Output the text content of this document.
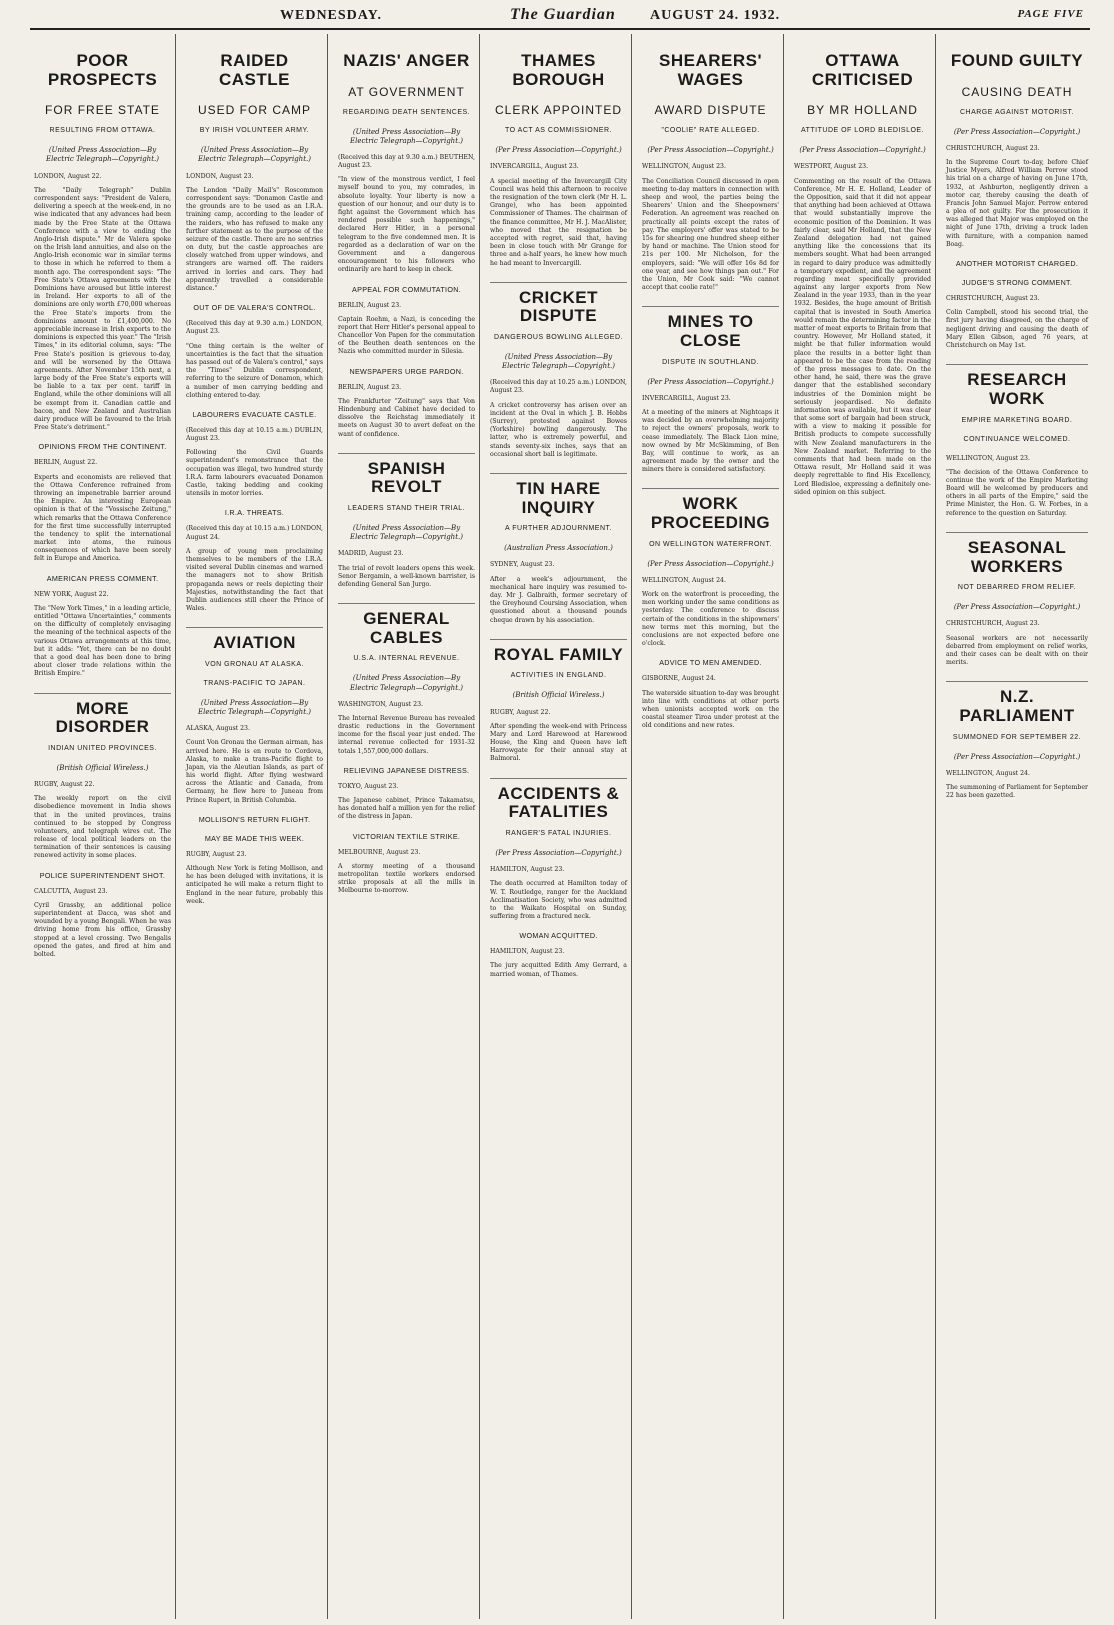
WEDNESDAY.	The Guardian AUGUST 24. 1932.	PAGE FIVE
POOR PROSPECTS
FOR FREE STATE
RESULTING FROM OTTAWA.
(United Press Association—By Electric Telegraph—Copyright.)

LONDON, August 22.

The "Daily Telegraph" Dublin correspondent says: "President de Valera, delivering a speech at the week-end, in no wise indicated that any advances had been made by the Free State at the Ottawa Conference with a view to ending the Anglo-Irish dispute." Mr de Valera spoke on the Irish land annuities, and also on the Anglo-Irish economic war in similar terms to those in which he referred to them a month ago. The correspondent says: "The Free State's Ottawa agreements with the Dominions have aroused but little interest in Ireland. Her exports to all of the dominions are only worth £70,000 whereas the Free State's imports from the dominions amount to £1,400,000. No appreciable increase in Irish exports to the dominions is expected this year." The "Irish Times," in its editorial column, says: "The Free State's position is grievous to-day, and will be worsened by the Ottawa agreements. After November 15th next, a large body of the Free State's exports will be liable to a tax per cent. tariff in England, while the other dominions will all be exempt from it. Canadian cattle and bacon, and New Zealand and Australian dairy produce will be favoured to the Irish Free State's detriment."

OPINIONS FROM THE CONTINENT.

BERLIN, August 22.

Experts and economists are relieved that the Ottawa Conference refrained from throwing an impenetrable barrier around the Empire. An interesting European opinion is that of the "Vossische Zeitung," which remarks that the Ottawa Conference for the first time successfully interrupted the tendency to split the international market into atoms, the ruinous consequences of which have been sorely felt in Europe and America.

AMERICAN PRESS COMMENT.

NEW YORK, August 22.

The "New York Times," in a leading article, entitled "Ottawa Uncertainties," comments on the difficulty of completely envisaging the meaning of the technical aspects of the various Ottawa arrangements at this time, but it adds: "Yet, there can be no doubt that a good deal has been done to bring about closer trade relations within the British Empire."

MORE DISORDER
INDIAN UNITED PROVINCES.
(British Official Wireless.)

RUGBY, August 22.

The weekly report on the civil disobedience movement in India shows that in the united provinces, trains continued to be stopped by Congress volunteers, and telegraph wires cut. The release of local political leaders on the termination of their sentences is causing renewed activity in some places.

POLICE SUPERINTENDENT SHOT.

CALCUTTA, August 23.

Cyril Grassby, an additional police superintendent at Dacca, was shot and wounded by a young Bengali. When he was driving home from his office, Grassby stopped at a level crossing. Two Bengalis opened the gates, and fired at him and bolted.

RAIDED CASTLE
USED FOR CAMP
BY IRISH VOLUNTEER ARMY.
(United Press Association—By Electric Telegraph—Copyright.)

LONDON, August 23.

The London "Daily Mail's" Roscommon correspondent says: "Donamon Castle and the grounds are to be used as an I.R.A. training camp, according to the leader of the raiders, who has refused to make any further statement as to the purpose of the seizure of the castle. There are no sentries on duty, but the castle approaches are closely watched from upper windows, and strangers are warned off. The raiders arrived in lorries and cars. They had apparently travelled a considerable distance."

OUT OF DE VALERA'S CONTROL.

(Received this day at 9.30 a.m.) LONDON, August 23.

"One thing certain is the welter of uncertainties is the fact that the situation has passed out of de Valera's control," says the "Times" Dublin correspondent, referring to the seizure of Donamon, which a number of men carrying bedding and clothing entered to-day.

LABOURERS EVACUATE CASTLE.

(Received this day at 10.15 a.m.) DUBLIN, August 23.

Following the Civil Guards superintendent's remonstrance that the occupation was illegal, two hundred sturdy I.R.A. farm labourers evacuated Donamon Castle, taking bedding and cooking utensils in motor lorries.

I.R.A. THREATS.

(Received this day at 10.15 a.m.) LONDON, August 24.

A group of young men proclaiming themselves to be members of the I.R.A. visited several Dublin cinemas and warned the managers not to show British propaganda news or reels depicting their Majesties, notwithstanding the fact that Dublin audiences still cheer the Prince of Wales.

AVIATION
VON GRONAU AT ALASKA.
TRANS-PACIFIC TO JAPAN.
(United Press Association—By Electric Telegraph—Copyright.)

ALASKA, August 23.

Count Von Gronau the German airman, has arrived here. He is en route to Cordova, Alaska, to make a trans-Pacific flight to Japan, via the Aleutian Islands, as part of his world flight. After flying westward across the Atlantic and Canada, from Germany, he flew here to Juneau from Prince Rupert, in British Columbia.

MOLLISON'S RETURN FLIGHT.
MAY BE MADE THIS WEEK.

RUGBY, August 23.

Although New York is feting Mollison, and he has been deluged with invitations, it is anticipated he will make a return flight to England in the near future, probably this week.

NAZIS' ANGER
AT GOVERNMENT
REGARDING DEATH SENTENCES.
(United Press Association—By Electric Telegraph—Copyright.)

(Received this day at 9.30 a.m.) BEUTHEN, August 23.

"In view of the monstrous verdict, I feel myself bound to you, my comrades, in absolute loyalty. Your liberty is now a question of our honour, and our duty is to fight against the Government which has rendered possible such happenings," declared Herr Hitler, in a personal telegram to the five condemned men. It is regarded as a declaration of war on the Government and a dangerous encouragement to his followers who ordinarily are hard to keep in check.

APPEAL FOR COMMUTATION.

BERLIN, August 23.

Captain Roehm, a Nazi, is conceding the report that Herr Hitler's personal appeal to Chancellor Von Papen for the commutation of the Beuthen death sentences on the Nazis who committed murder in Silesia.

NEWSPAPERS URGE PARDON.

BERLIN, August 23.

The Frankfurter "Zeitung" says that Von Hindenburg and Cabinet have decided to dissolve the Reichstag immediately it meets on August 30 to avert defeat on the want of confidence.

SPANISH REVOLT
LEADERS STAND THEIR TRIAL.
(United Press Association—By Electric Telegraph—Copyright.)

MADRID, August 23.

The trial of revolt leaders opens this week. Senor Bergamin, a well-known barrister, is defending General San Jurgo.

GENERAL CABLES
U.S.A. INTERNAL REVENUE.
(United Press Association—By Electric Telegraph—Copyright.)

WASHINGTON, August 23.

The Internal Revenue Bureau has revealed drastic reductions in the Government income for the fiscal year just ended. The internal revenue collected for 1931-32 totals 1,557,000,000 dollars.

RELIEVING JAPANESE DISTRESS.

TOKYO, August 23.

The Japanese cabinet, Prince Takamatsu, has donated half a million yen for the relief of the distress in Japan.

VICTORIAN TEXTILE STRIKE.

MELBOURNE, August 23.

A stormy meeting of a thousand metropolitan textile workers endorsed strike proposals at all the mills in Melbourne to-morrow.

THAMES BOROUGH
CLERK APPOINTED
TO ACT AS COMMISSIONER.
(Per Press Association—Copyright.)

INVERCARGILL, August 23.

A special meeting of the Invercargill City Council was held this afternoon to receive the resignation of the town clerk (Mr H. L. Grange), who has been appointed Commissioner of Thames. The chairman of the finance committee, Mr H. J. MacAlister, who moved that the resignation be accepted with regret, said that, having been in close touch with Mr Grange for three and a-half years, he knew how much he had meant to Invercargill.

CRICKET DISPUTE
DANGEROUS BOWLING ALLEGED.
(United Press Association—By Electric Telegraph—Copyright.)

(Received this day at 10.25 a.m.) LONDON, August 23.

A cricket controversy has arisen over an incident at the Oval in which J. B. Hobbs (Surrey), protested against Bowes (Yorkshire) bowling dangerously. The latter, who is extremely powerful, and stands seventy-six inches, says that an occasional short ball is legitimate.

TIN HARE INQUIRY
A FURTHER ADJOURNMENT.
(Australian Press Association.)

SYDNEY, August 23.

After a week's adjournment, the mechanical hare inquiry was resumed to-day. Mr J. Galbraith, former secretary of the Greyhound Coursing Association, when questioned about a thousand pounds cheque drawn by his association.

ROYAL FAMILY
ACTIVITIES IN ENGLAND.
(British Official Wireless.)

RUGBY, August 22.

After spending the week-end with Princess Mary and Lord Harewood at Harewood House, the King and Queen have left Harrowgate for their annual stay at Balmoral.

ACCIDENTS & FATALITIES
RANGER'S FATAL INJURIES.
(Per Press Association—Copyright.)

HAMILTON, August 23.

The death occurred at Hamilton today of W. T. Routledge, ranger for the Auckland Acclimatisation Society, who was admitted to the Waikato Hospital on Sunday, suffering from a fractured neck.

WOMAN ACQUITTED.

HAMILTON, August 23.

The jury acquitted Edith Amy Gerrard, a married woman, of Thames.

SHEARERS' WAGES
AWARD DISPUTE
"COOLIE" RATE ALLEGED.
(Per Press Association—Copyright.)

WELLINGTON, August 23.

The Conciliation Council discussed in open meeting to-day matters in connection with sheep and wool, the parties being the Shearers' Union and the Sheepowners' Federation. An agreement was reached on practically all points except the rates of pay. The employers' offer was stated to be 15s for shearing one hundred sheep either by hand or machine. The Union stood for 21s per 100. Mr Nicholson, for the employers, said: "We will offer 16s 8d for one year, and see how things pan out." For the Union, Mr Cook said: "We cannot accept that coolie rate!"

MINES TO CLOSE
DISPUTE IN SOUTHLAND.
(Per Press Association—Copyright.)

INVERCARGILL, August 23.

At a meeting of the miners at Nightcaps it was decided by an overwhelming majority to reject the owners' proposals, work to cease immediately. The Black Lion mine, now owned by Mr McSkimming, of Ben Bay, will continue to work, as an agreement made by the owner and the miners there is considered satisfactory.

WORK PROCEEDING
ON WELLINGTON WATERFRONT.
(Per Press Association—Copyright.)

WELLINGTON, August 24.

Work on the waterfront is proceeding, the men working under the same conditions as yesterday. The conference to discuss certain of the conditions in the shipowners' new terms met this morning, but the conclusions are not expected before one o'clock.

ADVICE TO MEN AMENDED.

GISBORNE, August 24.

The waterside situation to-day was brought into line with conditions at other ports when unionists accepted work on the coastal steamer Tiroa under protest at the old conditions and new rates.

OTTAWA CRITICISED
BY MR HOLLAND
ATTITUDE OF LORD BLEDISLOE.
(Per Press Association—Copyright.)

WESTPORT, August 23.

Commenting on the result of the Ottawa Conference, Mr H. E. Holland, Leader of the Opposition, said that it did not appear that anything had been achieved at Ottawa that would substantially improve the economic position of the Dominion. It was fairly clear, said Mr Holland, that the New Zealand delegation had not gained anything like the concessions that its members sought. What had been arranged in regard to dairy produce was admittedly a temporary expedient, and the agreement regarding meat specifically provided against any larger exports from New Zealand in the year 1933, than in the year 1932. Besides, the huge amount of British capital that is invested in South America would remain the determining factor in the matter of meat exports to Britain from that country. However, Mr Holland stated, it might be that fuller information would place the results in a better light than appeared to be the case from the reading of the press messages to date. On the other hand, he said, there was the grave danger that the established secondary industries of the Dominion might be seriously jeopardised. No definite information was available, but it was clear that some sort of bargain had been struck, with a view to making it possible for British products to compete successfully with New Zealand manufacturers in the New Zealand market. Referring to the comments that had been made on the Ottawa result, Mr Holland said it was deeply regrettable to find His Excellency, Lord Bledisloe, expressing a definitely one-sided opinion on this subject.

FOUND GUILTY
CAUSING DEATH
CHARGE AGAINST MOTORIST.
(Per Press Association—Copyright.)

CHRISTCHURCH, August 23.

In the Supreme Court to-day, before Chief Justice Myers, Alfred William Perrow stood his trial on a charge of having on June 17th, 1932, at Ashburton, negligently driven a motor car, thereby causing the death of Francis John Samuel Major. Perrow entered a plea of not guilty. For the prosecution it was alleged that Major was employed on the night of June 17th, driving a truck laden with furniture, with a companion named Boag.

ANOTHER MOTORIST CHARGED.
JUDGE'S STRONG COMMENT.

CHRISTCHURCH, August 23.

Colin Campbell, stood his second trial, the first jury having disagreed, on the charge of negligent driving and causing the death of Mary Ellen Gibson, aged 76 years, at Christchurch on May 1st.

RESEARCH WORK
EMPIRE MARKETING BOARD.
CONTINUANCE WELCOMED.

WELLINGTON, August 23.

"The decision of the Ottawa Conference to continue the work of the Empire Marketing Board will be welcomed by producers and others in all parts of the Empire," said the Prime Minister, the Hon. G. W. Forbes, in a reference to the question on Saturday.

SEASONAL WORKERS
NOT DEBARRED FROM RELIEF.
(Per Press Association—Copyright.)

CHRISTCHURCH, August 23.

Seasonal workers are not necessarily debarred from employment on relief works, and their cases can be dealt with on their merits.

N.Z. PARLIAMENT
SUMMONED FOR SEPTEMBER 22.
(Per Press Association—Copyright.)

WELLINGTON, August 24.

The summoning of Parliament for September 22 has been gazetted.
